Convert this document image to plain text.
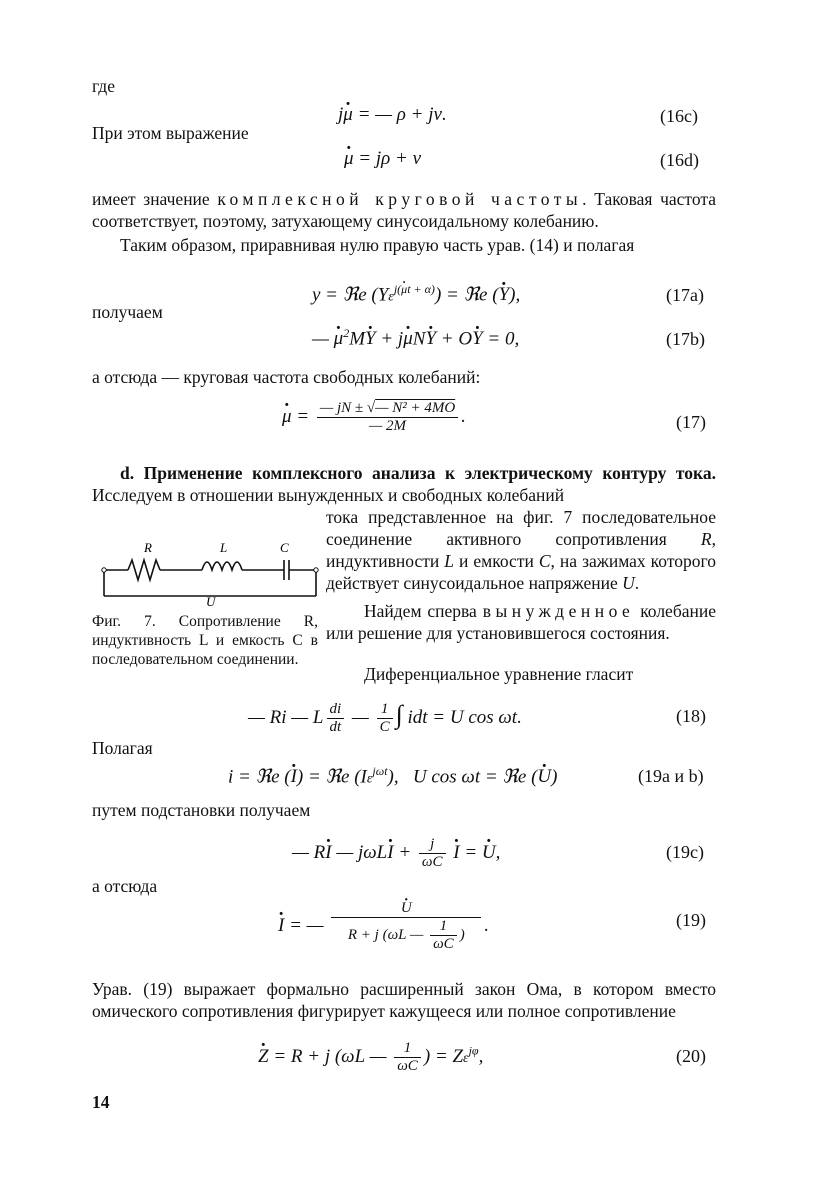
где
jμ · = — ρ + jν.	(16c)
При этом выражение
μ · = jρ + ν	(16d)
имеет значение комплексной круговой частоты. Таковая частота соответствует, поэтому, затухающему синусоидальному колебанию.
Таким образом, приравнивая нулю правую часть урав. (14) и полагая
y = ℜe $(Y\varepsilon^{j(\mu \cdot t + \alpha)})$ = ℜe (Y ·),	(17a)
получаем
— μ ·$^2$MY · + jμ ·NY · + OY · = 0,	(17b)
а отсюда — круговая частота свободных колебаний:
μ · = $\frac{\text{— jN ± √— N² + 4MO}}{— 2M}$ .	(17)
d. Применение комплексного анализа к электрическому контуру тока. Исследуем в отношении вынужденных и свободных колебаний
тока представленное на фиг. 7 последовательное соединение активного сопротивления R, индуктивности L и емкости C, на зажимах которого действует синусоидальное напряжение U.
R	L	C
U
Фиг. 7. Сопротивление R, индуктивность L и емкость C в последовательном соединении.
Найдем сперва вынужденное колебание или решение для установившегося состояния.
Диференциальное уравнение гласит
— Ri — L $\frac{di}{dt}$ — $\frac{1}{C}$ ∫ idt = U cos ωt.	(18)
Полагая
i = ℜe (I ·) = ℜe $(I\varepsilon^{j\omega t})$,   U cos ωt = ℜe (U ·)	(19a и b)
путем подстановки получаем
— RI · — jωLI · + $\frac{j}{\omega C}$ I · = U ·,	(19c)
а отсюда
I · = — $\frac{U \cdot}{R + j (\omega L — \frac{1}{\omega C} )}$ .	(19)
Урав. (19) выражает формально расширенный закон Ома, в котором вместо омического сопротивления фигурирует кажущееся или полное сопротивление
Z · = R + j (ωL — $\frac{1}{\omega C}$ ) = $Z\varepsilon^{j\varphi}$,	(20)
14
